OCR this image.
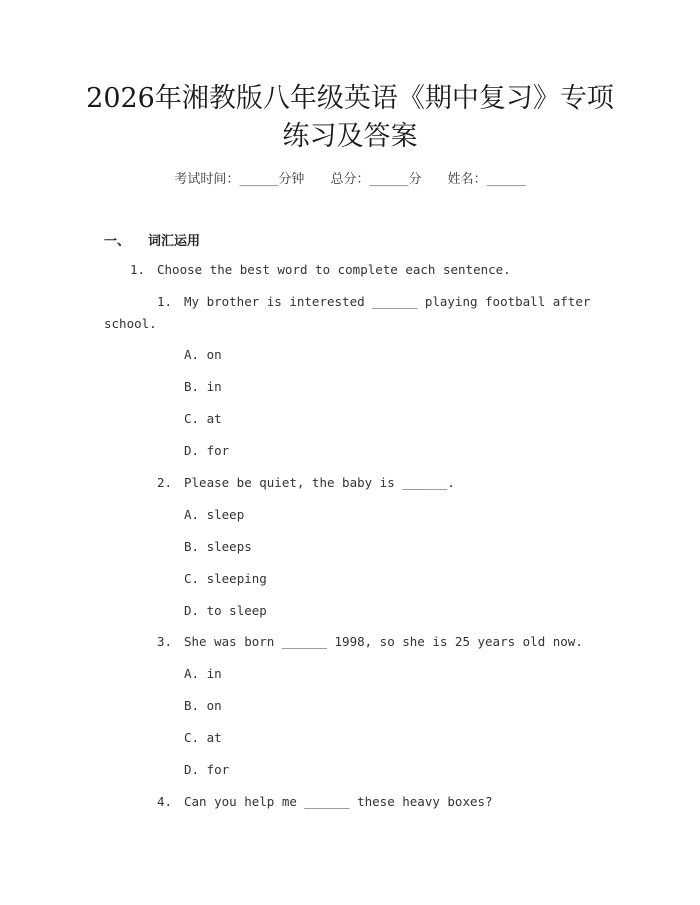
2026年湘教版八年级英语《期中复习》专项
练习及答案
考试时间：______分钟 总分：______分 姓名：______
一、 词汇运用
1. Choose the best word to complete each sentence.
1. My brother is interested ______ playing football after
school.
A. on
B. in
C. at
D. for
2. Please be quiet, the baby is ______.
A. sleep
B. sleeps
C. sleeping
D. to sleep
3. She was born ______ 1998, so she is 25 years old now.
A. in
B. on
C. at
D. for
4. Can you help me ______ these heavy boxes?
